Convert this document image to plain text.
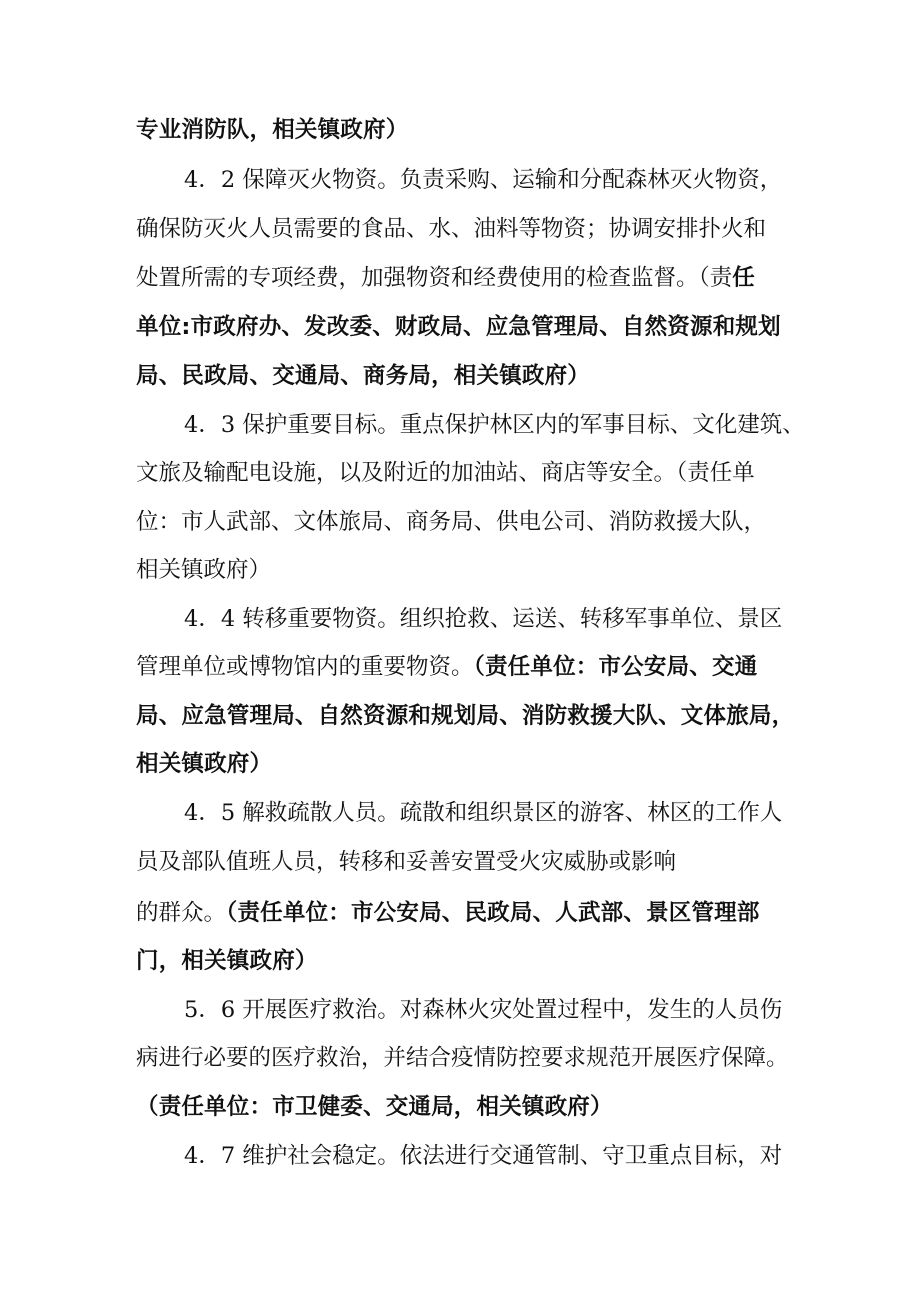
专业消防队，相关镇政府）
4．2 保障灭火物资。负责采购、运输和分配森林灭火物资，
确保防灭火人员需要的食品、水、油料等物资；协调安排扑火和
处置所需的专项经费，加强物资和经费使用的检查监督。（责任
单位:市政府办、发改委、财政局、应急管理局、自然资源和规划
局、民政局、交通局、商务局，相关镇政府）
4．3 保护重要目标。重点保护林区内的军事目标、文化建筑、
文旅及输配电设施，以及附近的加油站、商店等安全。（责任单
位：市人武部、文体旅局、商务局、供电公司、消防救援大队，
相关镇政府）
4．4 转移重要物资。组织抢救、运送、转移军事单位、景区
管理单位或博物馆内的重要物资。（责任单位：市公安局、交通
局、应急管理局、自然资源和规划局、消防救援大队、文体旅局，
相关镇政府）
4．5 解救疏散人员。疏散和组织景区的游客、林区的工作人
员及部队值班人员，转移和妥善安置受火灾威胁或影响
的群众。（责任单位：市公安局、民政局、人武部、景区管理部
门，相关镇政府）
5．6 开展医疗救治。对森林火灾处置过程中，发生的人员伤
病进行必要的医疗救治，并结合疫情防控要求规范开展医疗保障。
（责任单位：市卫健委、交通局，相关镇政府）
4．7 维护社会稳定。依法进行交通管制、守卫重点目标，对
